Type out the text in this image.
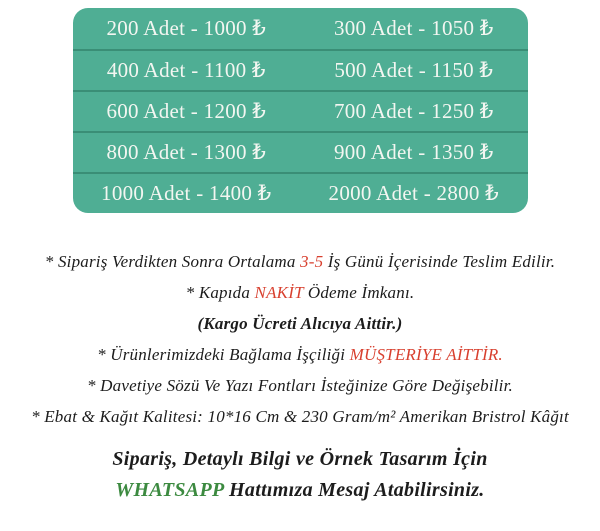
200 Adet - 1000 ₺	300 Adet - 1050 ₺
400 Adet - 1100 ₺	500 Adet - 1150 ₺
600 Adet - 1200 ₺	700 Adet - 1250 ₺
800 Adet - 1300 ₺	900 Adet - 1350 ₺
1000 Adet - 1400 ₺	2000 Adet - 2800 ₺
* Sipariş Verdikten Sonra Ortalama 3-5 İş Günü İçerisinde Teslim Edilir.
* Kapıda NAKİT Ödeme İmkanı.
(Kargo Ücreti Alıcıya Aittir.)
* Ürünlerimizdeki Bağlama İşçiliği MÜŞTERİYE AİTTİR.
* Davetiye Sözü Ve Yazı Fontları İsteğinize Göre Değişebilir.
* Ebat & Kağıt Kalitesi: 10*16 Cm & 230 Gram/m² Amerikan Bristrol Kâğıt
Sipariş, Detaylı Bilgi ve Örnek Tasarım İçin
WHATSAPP Hattımıza Mesaj Atabilirsiniz.
